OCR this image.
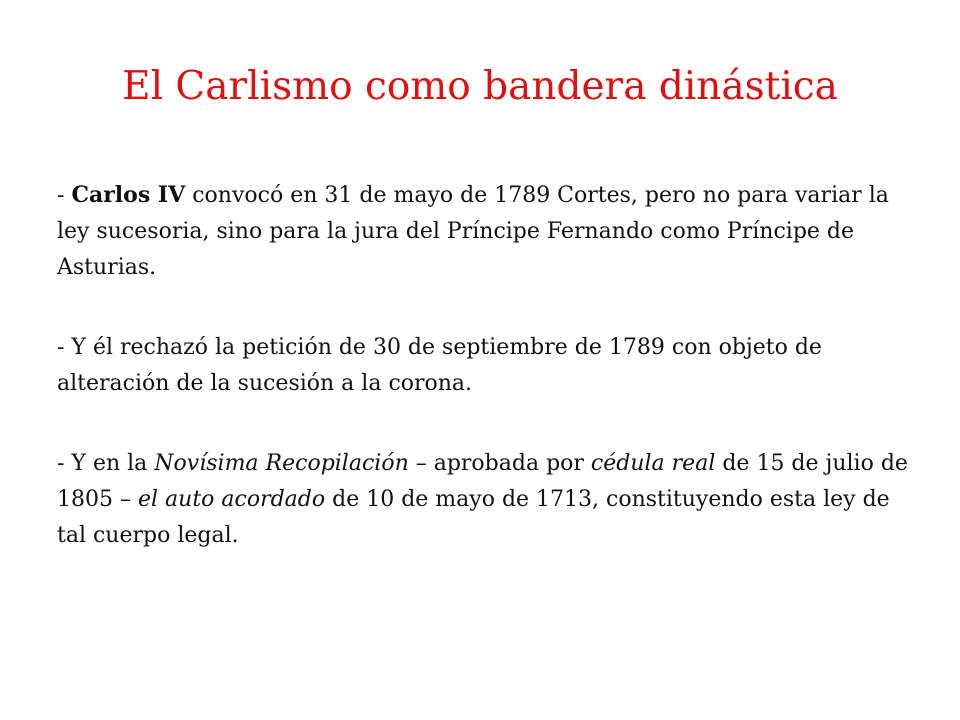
El Carlismo como bandera dinástica

- Carlos IV convocó en 31 de mayo de 1789 Cortes, pero no para variar la ley sucesoria, sino para la jura del Príncipe Fernando como Príncipe de Asturias.

- Y él rechazó la petición de 30 de septiembre de 1789 con objeto de alteración de la sucesión a la corona.

- Y en la Novísima Recopilación – aprobada por cédula real de 15 de julio de 1805 – el auto acordado de 10 de mayo de 1713, constituyendo esta ley de tal cuerpo legal.
